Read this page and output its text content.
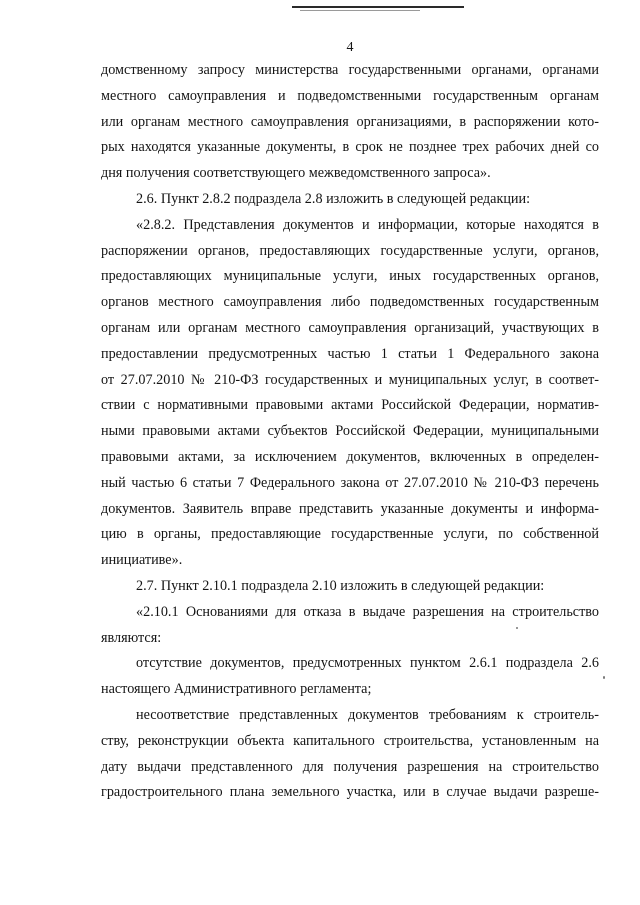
4
домственному запросу министерства государственными органами, органами
местного самоуправления и подведомственными государственным органам
или органам местного самоуправления организациями, в распоряжении кото-
рых находятся указанные документы, в срок не позднее трех рабочих дней со
дня получения соответствующего межведомственного запроса».
2.6. Пункт 2.8.2 подраздела 2.8 изложить в следующей редакции:
«2.8.2. Представления документов и информации, которые находятся в
распоряжении органов, предоставляющих государственные услуги, органов,
предоставляющих муниципальные услуги, иных государственных органов,
органов местного самоуправления либо подведомственных государственным
органам или органам местного самоуправления организаций, участвующих в
предоставлении предусмотренных частью 1 статьи 1 Федерального закона
от 27.07.2010 № 210-ФЗ государственных и муниципальных услуг, в соответ-
ствии с нормативными правовыми актами Российской Федерации, норматив-
ными правовыми актами субъектов Российской Федерации, муниципальными
правовыми актами, за исключением документов, включенных в определен-
ный частью 6 статьи 7 Федерального закона от 27.07.2010 № 210-ФЗ перечень
документов. Заявитель вправе представить указанные документы и информа-
цию в органы, предоставляющие государственные услуги, по собственной
инициативе».
2.7. Пункт 2.10.1 подраздела 2.10 изложить в следующей редакции:
«2.10.1 Основаниями для отказа в выдаче разрешения на строительство
являются:
отсутствие документов, предусмотренных пунктом 2.6.1 подраздела 2.6
настоящего Административного регламента;
несоответствие представленных документов требованиям к строитель-
ству, реконструкции объекта капитального строительства, установленным на
дату выдачи представленного для получения разрешения на строительство
градостроительного плана земельного участка, или в случае выдачи разреше-
